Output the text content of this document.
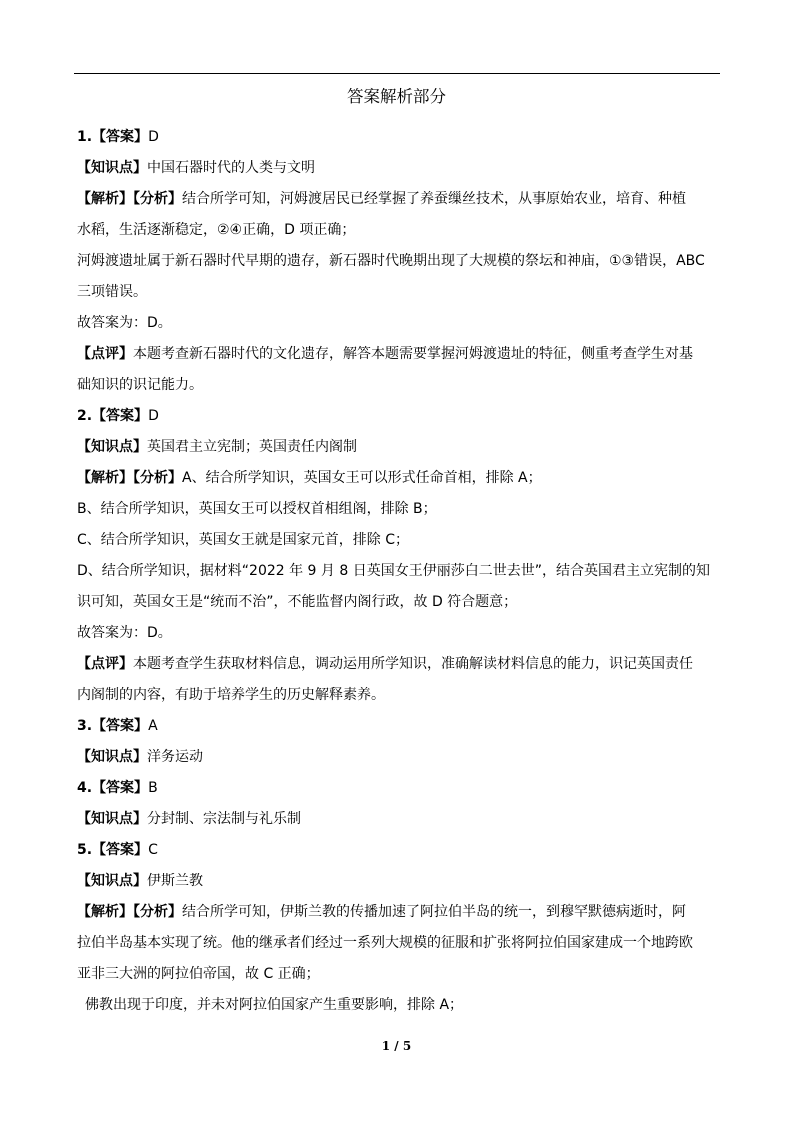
答案解析部分
1.【答案】D
【知识点】中国石器时代的人类与文明
【解析】【分析】结合所学可知，河姆渡居民已经掌握了养蚕缫丝技术，从事原始农业，培育、种植
水稻，生活逐渐稳定，②④正确，D 项正确；
河姆渡遗址属于新石器时代早期的遗存，新石器时代晚期出现了大规模的祭坛和神庙，①③错误，ABC
三项错误。
故答案为：D。
【点评】本题考查新石器时代的文化遗存，解答本题需要掌握河姆渡遗址的特征，侧重考查学生对基
础知识的识记能力。
2.【答案】D
【知识点】英国君主立宪制；英国责任内阁制
【解析】【分析】A、结合所学知识，英国女王可以形式任命首相，排除 A；
B、结合所学知识，英国女王可以授权首相组阁，排除 B；
C、结合所学知识，英国女王就是国家元首，排除 C；
D、结合所学知识，据材料“2022 年 9 月 8 日英国女王伊丽莎白二世去世”，结合英国君主立宪制的知
识可知，英国女王是“统而不治”，不能监督内阁行政，故 D 符合题意；
故答案为：D。
【点评】本题考查学生获取材料信息，调动运用所学知识，准确解读材料信息的能力，识记英国责任
内阁制的内容，有助于培养学生的历史解释素养。
3.【答案】A
【知识点】洋务运动
4.【答案】B
【知识点】分封制、宗法制与礼乐制
5.【答案】C
【知识点】伊斯兰教
【解析】【分析】结合所学可知，伊斯兰教的传播加速了阿拉伯半岛的统一，到穆罕默德病逝时，阿
拉伯半岛基本实现了统。他的继承者们经过一系列大规模的征服和扩张将阿拉伯国家建成一个地跨欧
亚非三大洲的阿拉伯帝国，故 C 正确；
佛教出现于印度，并未对阿拉伯国家产生重要影响，排除 A；
1 / 5
